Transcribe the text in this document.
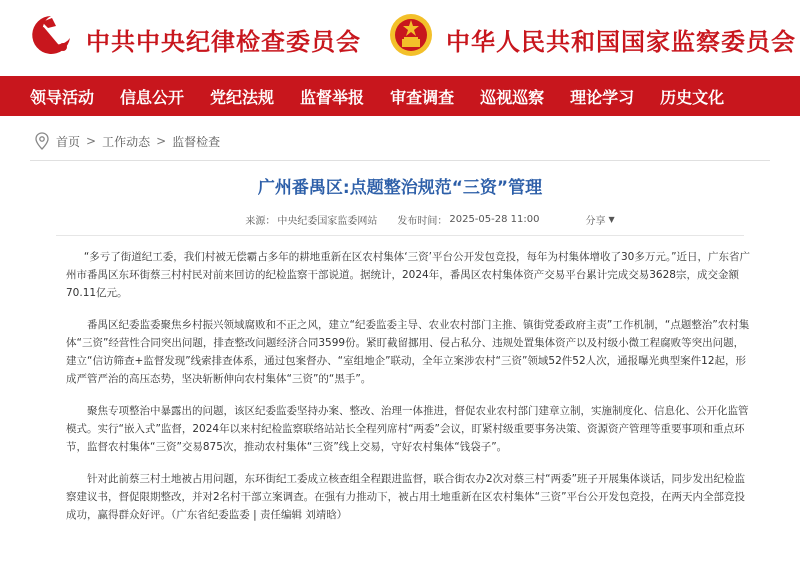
中共中央纪律检查委员会	中华人民共和国国家监察委员会
领导活动 信息公开 党纪法规 监督举报 审查调查 巡视巡察 理论学习 历史文化
首页 > 工作动态 > 监督检查
广州番禺区:点题整治规范“三资”管理
来源： 中央纪委国家监委网站 发布时间： 2025-05-28 11:00	分享 ▼

“多亏了街道纪工委，我们村被无偿霸占多年的耕地重新在区农村集体‘三资’平台公开发包竞投，每年为村集体增收了30多万元。”近日，广东省广州市番禺区东环街蔡三村村民对前来回访的纪检监察干部说道。据统计，2024年，番禺区农村集体资产交易平台累计完成交易3628宗，成交金额70.11亿元。

番禺区纪委监委聚焦乡村振兴领域腐败和不正之风，建立“纪委监委主导、农业农村部门主推、镇街党委政府主责”工作机制，“点题整治”农村集体“三资”经营性合同突出问题，排查整改问题经济合同3599份。紧盯截留挪用、侵占私分、违规处置集体资产以及村级小微工程腐败等突出问题，建立“信访筛查+监督发现”线索排查体系，通过包案督办、“室组地企”联动，全年立案涉农村“三资”领域52件52人次，通报曝光典型案件12起，形成严管严治的高压态势，坚决斩断伸向农村集体“三资”的“黑手”。

聚焦专项整治中暴露出的问题，该区纪委监委坚持办案、整改、治理一体推进，督促农业农村部门建章立制，实施制度化、信息化、公开化监管模式。实行“嵌入式”监督，2024年以来村纪检监察联络站站长全程列席村“两委”会议，盯紧村级重要事务决策、资源资产管理等重要事项和重点环节，监督农村集体“三资”交易875次，推动农村集体“三资”线上交易，守好农村集体“钱袋子”。

针对此前蔡三村土地被占用问题，东环街纪工委成立核查组全程跟进监督，联合街农办2次对蔡三村“两委”班子开展集体谈话，同步发出纪检监察建议书，督促限期整改，并对2名村干部立案调查。在强有力推动下，被占用土地重新在区农村集体“三资”平台公开发包竞投，在两天内全部竞投成功，赢得群众好评。（广东省纪委监委 | 责任编辑 刘靖晗）
